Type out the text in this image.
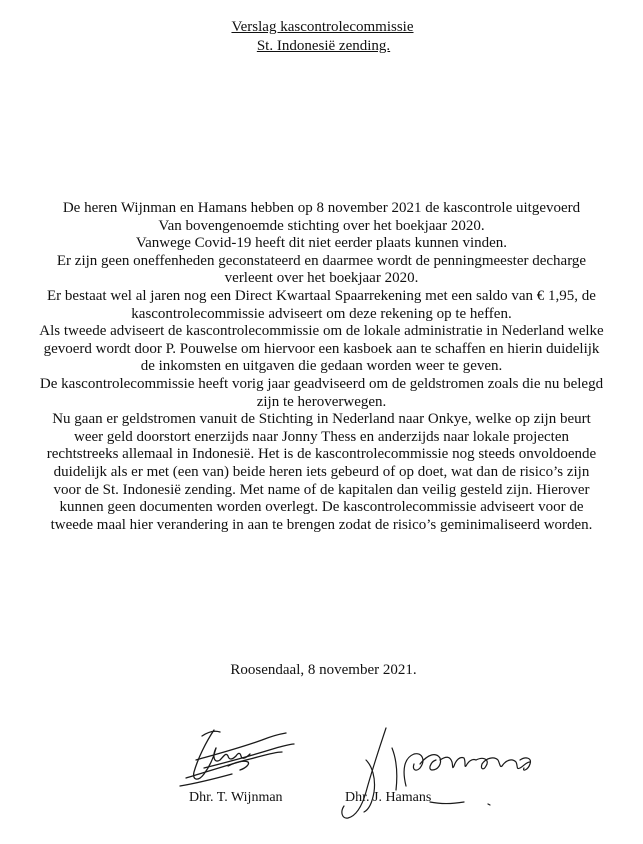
Verslag kascontrolecommissie
St. Indonesië zending.
De heren Wijnman en Hamans hebben op 8 november 2021 de kascontrole uitgevoerd
Van bovengenoemde stichting over het boekjaar 2020.
Vanwege Covid-19 heeft dit niet eerder plaats kunnen vinden.
Er zijn geen oneffenheden geconstateerd en daarmee wordt de penningmeester decharge
verleent over het boekjaar 2020.
Er bestaat wel al jaren nog een Direct Kwartaal Spaarrekening met een saldo van € 1,95, de
kascontrolecommissie adviseert om deze rekening op te heffen.
Als tweede adviseert de kascontrolecommissie om de lokale administratie in Nederland welke
gevoerd wordt door P. Pouwelse om hiervoor een kasboek aan te schaffen en hierin duidelijk
de inkomsten en uitgaven die gedaan worden weer te geven.
De kascontrolecommissie heeft vorig jaar geadviseerd om de geldstromen zoals die nu belegd
zijn te heroverwegen.
Nu gaan er geldstromen vanuit de Stichting in Nederland naar Onkye, welke op zijn beurt
weer geld doorstort enerzijds naar Jonny Thess en anderzijds naar lokale projecten
rechtstreeks allemaal in Indonesië. Het is de kascontrolecommissie nog steeds onvoldoende
duidelijk als er met (een van) beide heren iets gebeurd of op doet, wat dan de risico’s zijn
voor de St. Indonesië zending. Met name of de kapitalen dan veilig gesteld zijn. Hierover
kunnen geen documenten worden overlegt. De kascontrolecommissie adviseert voor de
tweede maal hier verandering in aan te brengen zodat de risico’s geminimaliseerd worden.
Roosendaal, 8 november 2021.
Dhr. T. Wijnman	Dhr. J. Hamans
